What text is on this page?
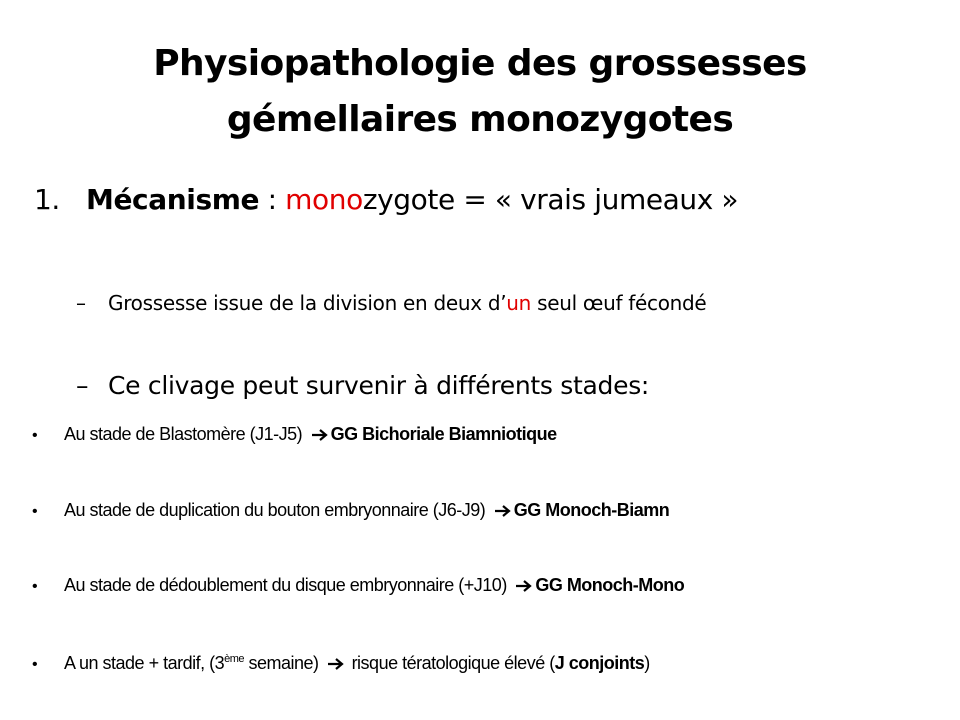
Physiopathologie des grossesses
gémellaires monozygotes
1. Mécanisme : monozygote = « vrais jumeaux »
– Grossesse issue de la division en deux d’un seul œuf fécondé
– Ce clivage peut survenir à différents stades:
• Au stade de Blastomère (J1-J5)
GG Bichoriale Biamniotique
• Au stade de duplication du bouton embryonnaire (J6-J9)
GG Monoch-Biamn
• Au stade de dédoublement du disque embryonnaire (+J10)
GG Monoch-Mono
• A un stade + tardif, (3ème semaine)
risque tératologique élevé (J conjoints)
